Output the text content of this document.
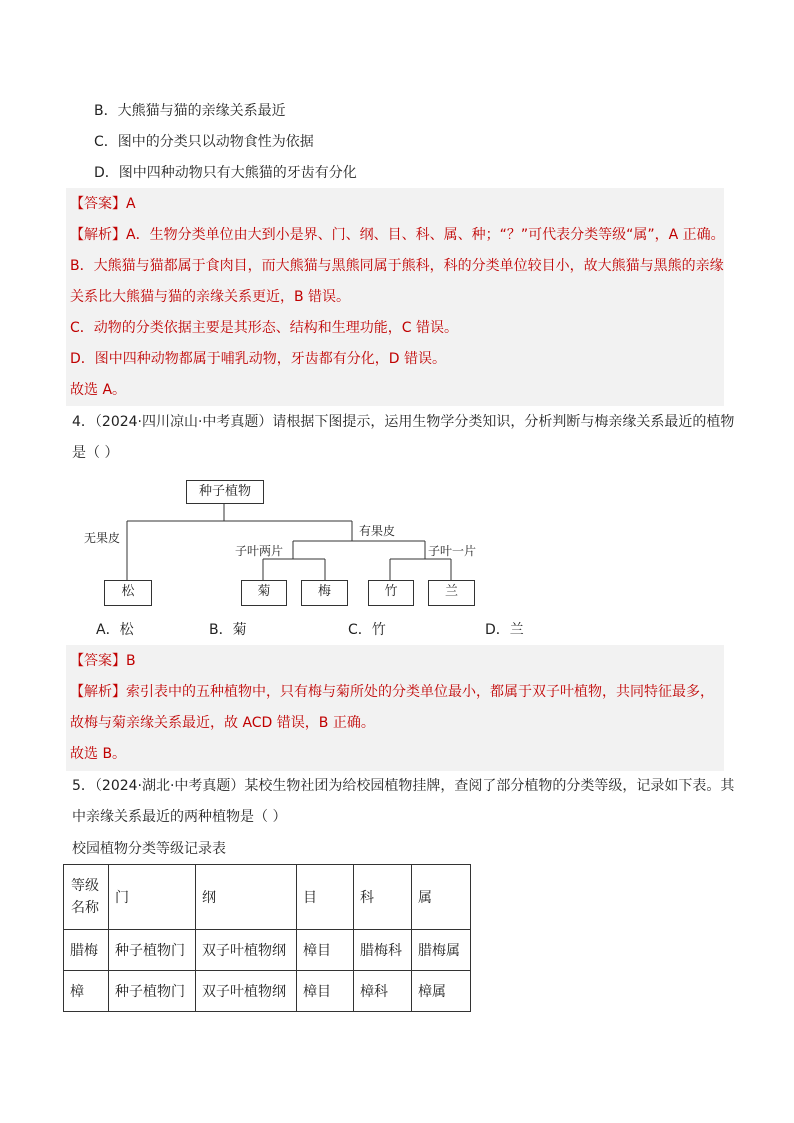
B．大熊猫与猫的亲缘关系最近
C．图中的分类只以动物食性为依据
D．图中四种动物只有大熊猫的牙齿有分化
【答案】A
【解析】A．生物分类单位由大到小是界、门、纲、目、科、属、种；“？”可代表分类等级“属”，A 正确。
B．大熊猫与猫都属于食肉目，而大熊猫与黑熊同属于熊科，科的分类单位较目小，故大熊猫与黑熊的亲缘
关系比大熊猫与猫的亲缘关系更近，B 错误。
C．动物的分类依据主要是其形态、结构和生理功能，C 错误。
D．图中四种动物都属于哺乳动物，牙齿都有分化，D 错误。
故选 A。
4．（2024·四川凉山·中考真题）请根据下图提示，运用生物学分类知识，分析判断与梅亲缘关系最近的植物
是（ ）
种子植物
无果皮	有果皮
子叶两片	子叶一片
松	菊	梅	竹	兰
A．松	B．菊	C．竹	D．兰
【答案】B
【解析】索引表中的五种植物中，只有梅与菊所处的分类单位最小，都属于双子叶植物，共同特征最多，
故梅与菊亲缘关系最近，故 ACD 错误，B 正确。
故选 B。
5．（2024·湖北·中考真题）某校生物社团为给校园植物挂牌，查阅了部分植物的分类等级，记录如下表。其
中亲缘关系最近的两种植物是（ ）
校园植物分类等级记录表
等级
名称	门	纲	目	科	属
腊梅	种子植物门	双子叶植物纲	樟目	腊梅科	腊梅属
樟	种子植物门	双子叶植物纲	樟目	樟科	樟属
